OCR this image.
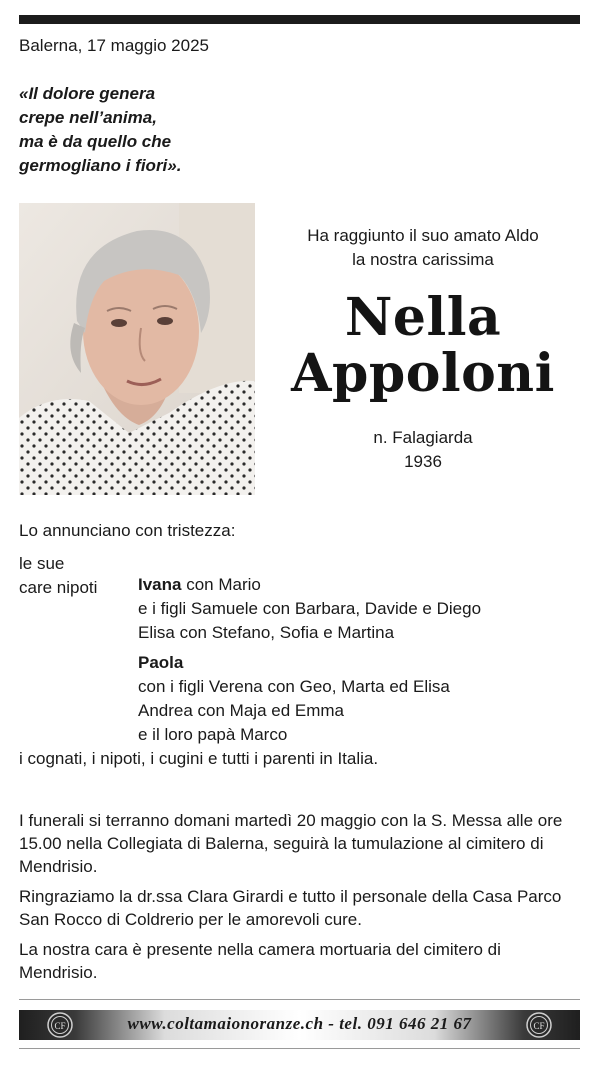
Balerna, 17 maggio 2025
«Il dolore genera
crepe nell’anima,
ma è da quello che
germogliano i fiori».
Ha raggiunto il suo amato Aldo
la nostra carissima
Nella
Appoloni
n. Falagiarda
1936
Lo annunciano con tristezza:
le sue
care nipoti Ivana con Mario
e i figli Samuele con Barbara, Davide e Diego
Elisa con Stefano, Sofia e Martina
Paola
con i figli Verena con Geo, Marta ed Elisa
Andrea con Maja ed Emma
e il loro papà Marco
i cognati, i nipoti, i cugini e tutti i parenti in Italia.
I funerali si terranno domani martedì 20 maggio con la S. Messa alle ore 15.00 nella Collegiata di Balerna, seguirà la tumulazione al cimitero di Mendrisio.
Ringraziamo la dr.ssa Clara Girardi e tutto il personale della Casa Parco San Rocco di Coldrerio per le amorevoli cure.
La nostra cara è presente nella camera mortuaria del cimitero di Mendrisio.
CF	www.coltamaionoranze.ch - tel. 091 646 21 67	CF
